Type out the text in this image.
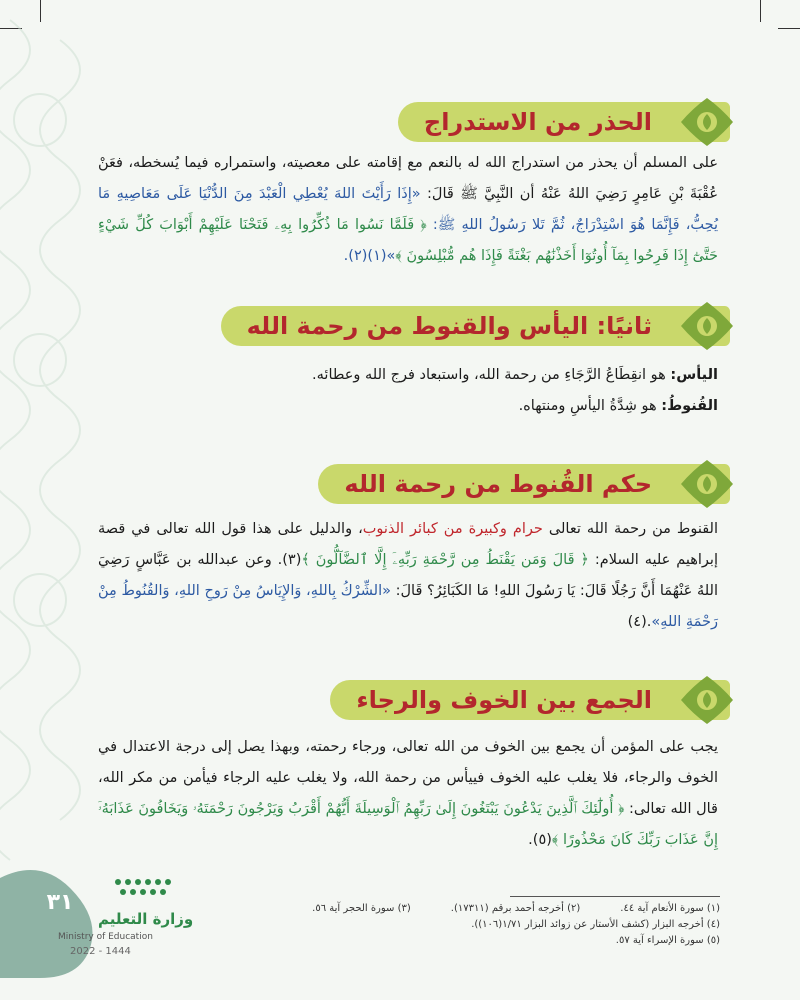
الحذر من الاستدراج
على المسلم أن يحذر من استدراج الله له بالنعم مع إقامته على معصيته، واستمراره فيما يُسخطه، فعَنْ عُقْبَةَ بْنِ عَامِرٍ رَضِيَ اللهُ عَنْهُ أن النَّبِيَّ ﷺ قَالَ: «إِذَا رَأَيْتَ اللهَ يُعْطِي الْعَبْدَ مِنَ الدُّنْيَا عَلَى مَعَاصِيهِ مَا يُحِبُّ، فَإِنَّمَا هُوَ اسْتِدْرَاجٌ، ثُمَّ تَلا رَسُولُ اللهِ ﷺ: ﴿ فَلَمَّا نَسُوا مَا ذُكِّرُوا بِهِۦ فَتَحْنَا عَلَيْهِمْ أَبْوَابَ كُلِّ شَيْءٍ حَتَّىٰٓ إِذَا فَرِحُوا بِمَآ أُوتُوٓا أَخَذْنَٰهُم بَغْتَةً فَإِذَا هُم مُّبْلِسُونَ ﴾»(١)(٢).
ثانيًا: اليأس والقنوط من رحمة الله
اليأس: هو انقِطَاعُ الرَّجَاءِ من رحمة الله، واستبعاد فرج الله وعطائه.
القُنوطُ: هو شِدَّةُ اليأسِ ومنتهاه.
حكم القُنوط من رحمة الله
القنوط من رحمة الله تعالى حرام وكبيرة من كبائر الذنوب، والدليل على هذا قول الله تعالى في قصة إبراهيم عليه السلام: ﴿ قَالَ وَمَن يَقْنَطُ مِن رَّحْمَةِ رَبِّهِۦٓ إِلَّا ٱلضَّآلُّونَ ﴾(٣). وعن عبدالله بن عَبَّاسٍ رَضِيَ اللهُ عَنْهُمَا أَنَّ رَجُلًا قَالَ: يَا رَسُولَ اللهِ! مَا الكَبَائِرُ؟ قَالَ: «الشِّرْكُ بِاللهِ، وَالإِيَاسُ مِنْ رَوحِ اللهِ، وَالقُنُوطُ مِنْ رَحْمَةِ اللهِ».(٤)
الجمع بين الخوف والرجاء
يجب على المؤمن أن يجمع بين الخوف من الله تعالى، ورجاء رحمته، وبهذا يصل إلى درجة الاعتدال في الخوف والرجاء، فلا يغلب عليه الخوف فييأس من رحمة الله، ولا يغلب عليه الرجاء فيأمن من مكر الله، قال الله تعالى: ﴿ أُولَٰٓئِكَ ٱلَّذِينَ يَدْعُونَ يَبْتَغُونَ إِلَىٰ رَبِّهِمُ ٱلْوَسِيلَةَ أَيُّهُمْ أَقْرَبُ وَيَرْجُونَ رَحْمَتَهُۥ وَيَخَافُونَ عَذَابَهُۥٓ إِنَّ عَذَابَ رَبِّكَ كَانَ مَحْذُورًا ﴾(٥).
(١) سورة الأنعام آية ٤٤.
(٢) أخرجه أحمد برقم (١٧٣١١).
(٣) سورة الحجر آية ٥٦.
(٤) أخرجه البزار (كشف الأستار عن زوائد البزار ١/٧١(١٠٦)).
(٥) سورة الإسراء آية ٥٧.
٣١
وزارة التعليم
Ministry of Education
2022 - 1444
